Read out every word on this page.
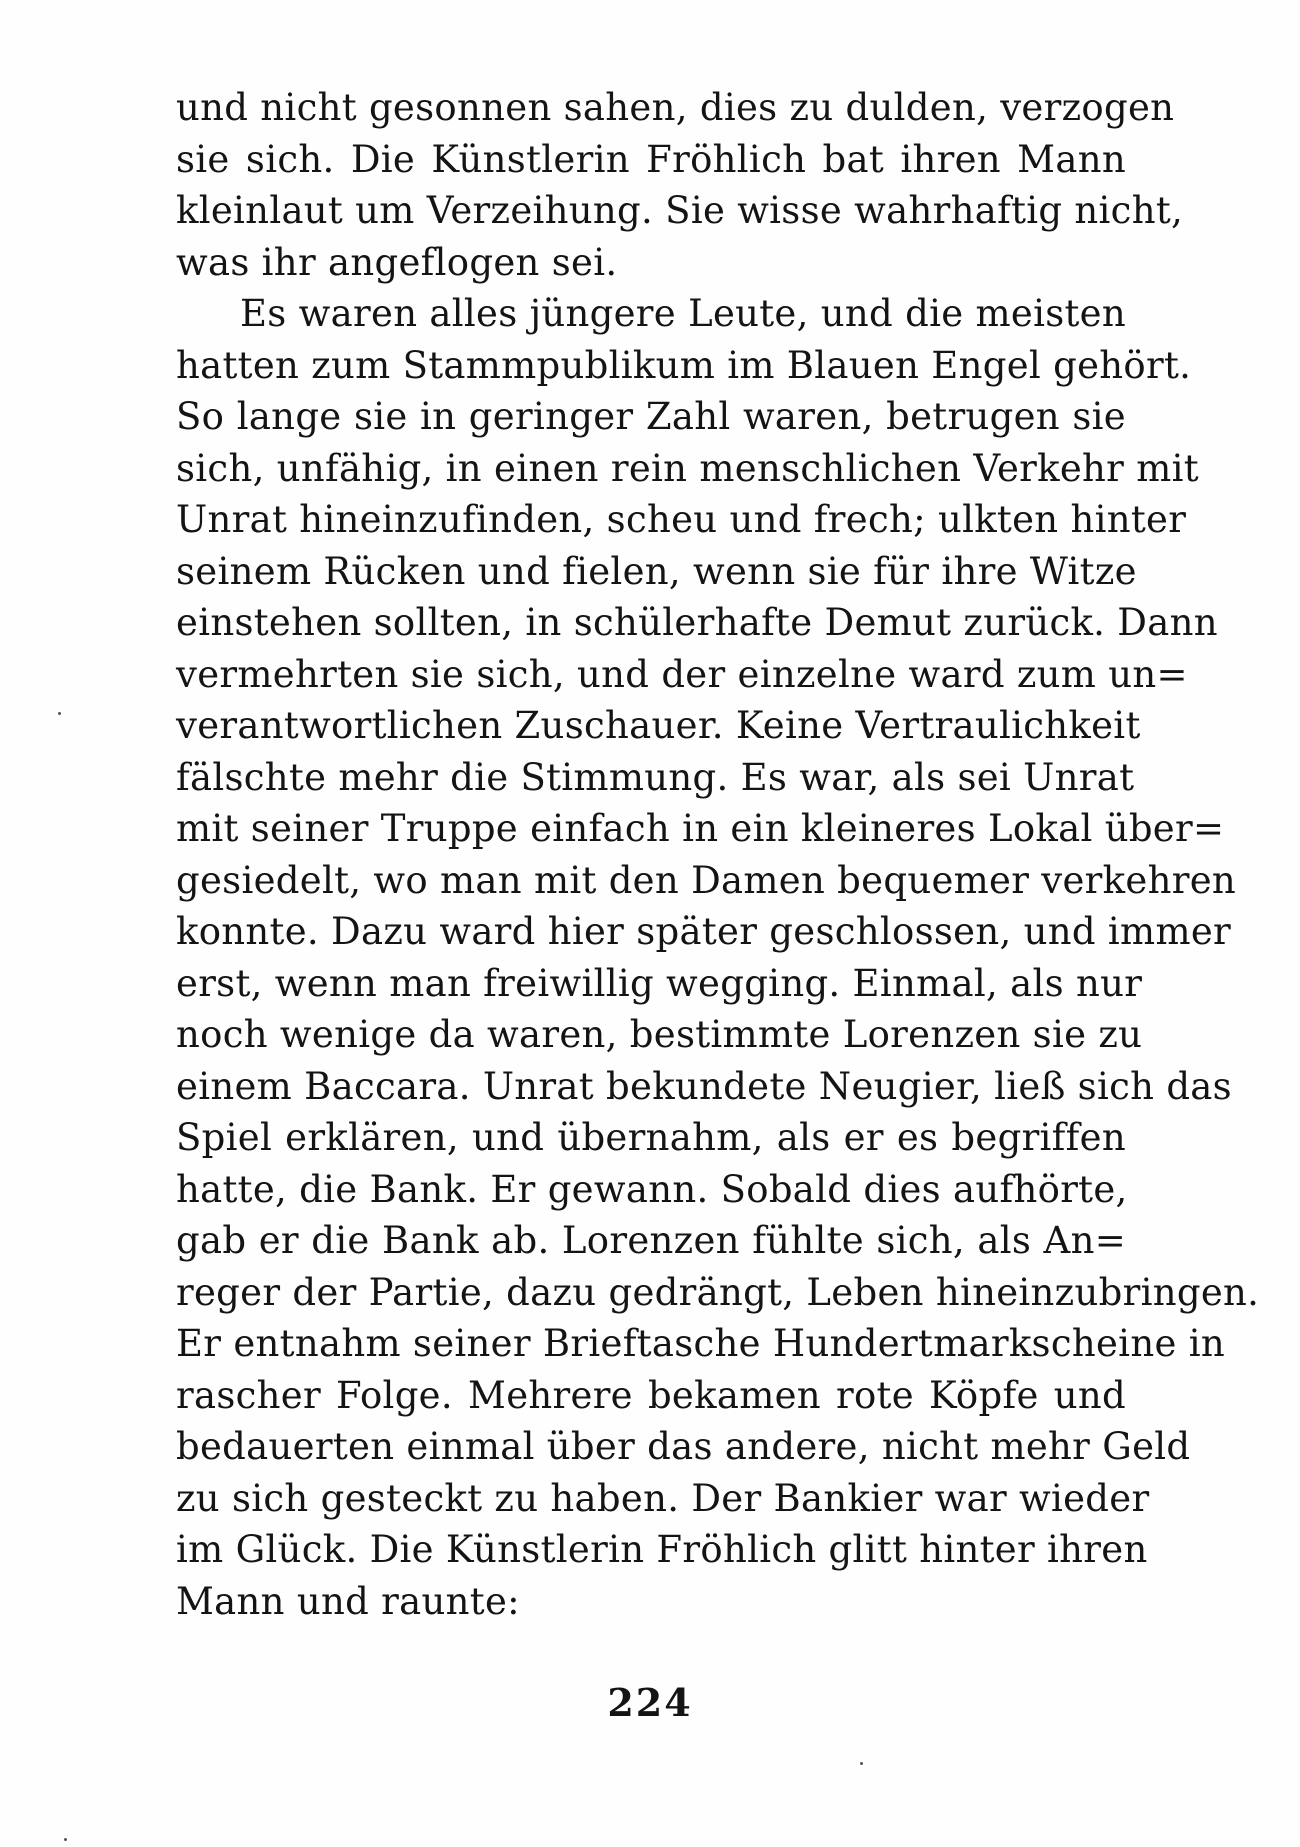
und nicht gesonnen sahen, dies zu dulden, verzogen
sie sich. Die Künstlerin Fröhlich bat ihren Mann
kleinlaut um Verzeihung. Sie wisse wahrhaftig nicht,
was ihr angeflogen sei.
Es waren alles jüngere Leute, und die meisten
hatten zum Stammpublikum im Blauen Engel gehört.
So lange sie in geringer Zahl waren, betrugen sie
sich, unfähig, in einen rein menschlichen Verkehr mit
Unrat hineinzufinden, scheu und frech; ulkten hinter
seinem Rücken und fielen, wenn sie für ihre Witze
einstehen sollten, in schülerhafte Demut zurück. Dann
vermehrten sie sich, und der einzelne ward zum un=
verantwortlichen Zuschauer. Keine Vertraulichkeit
fälschte mehr die Stimmung. Es war, als sei Unrat
mit seiner Truppe einfach in ein kleineres Lokal über=
gesiedelt, wo man mit den Damen bequemer verkehren
konnte. Dazu ward hier später geschlossen, und immer
erst, wenn man freiwillig wegging. Einmal, als nur
noch wenige da waren, bestimmte Lorenzen sie zu
einem Baccara. Unrat bekundete Neugier, ließ sich das
Spiel erklären, und übernahm, als er es begriffen
hatte, die Bank. Er gewann. Sobald dies aufhörte,
gab er die Bank ab. Lorenzen fühlte sich, als An=
reger der Partie, dazu gedrängt, Leben hineinzubringen.
Er entnahm seiner Brieftasche Hundertmarkscheine in
rascher Folge. Mehrere bekamen rote Köpfe und
bedauerten einmal über das andere, nicht mehr Geld
zu sich gesteckt zu haben. Der Bankier war wieder
im Glück. Die Künstlerin Fröhlich glitt hinter ihren
Mann und raunte:
224
